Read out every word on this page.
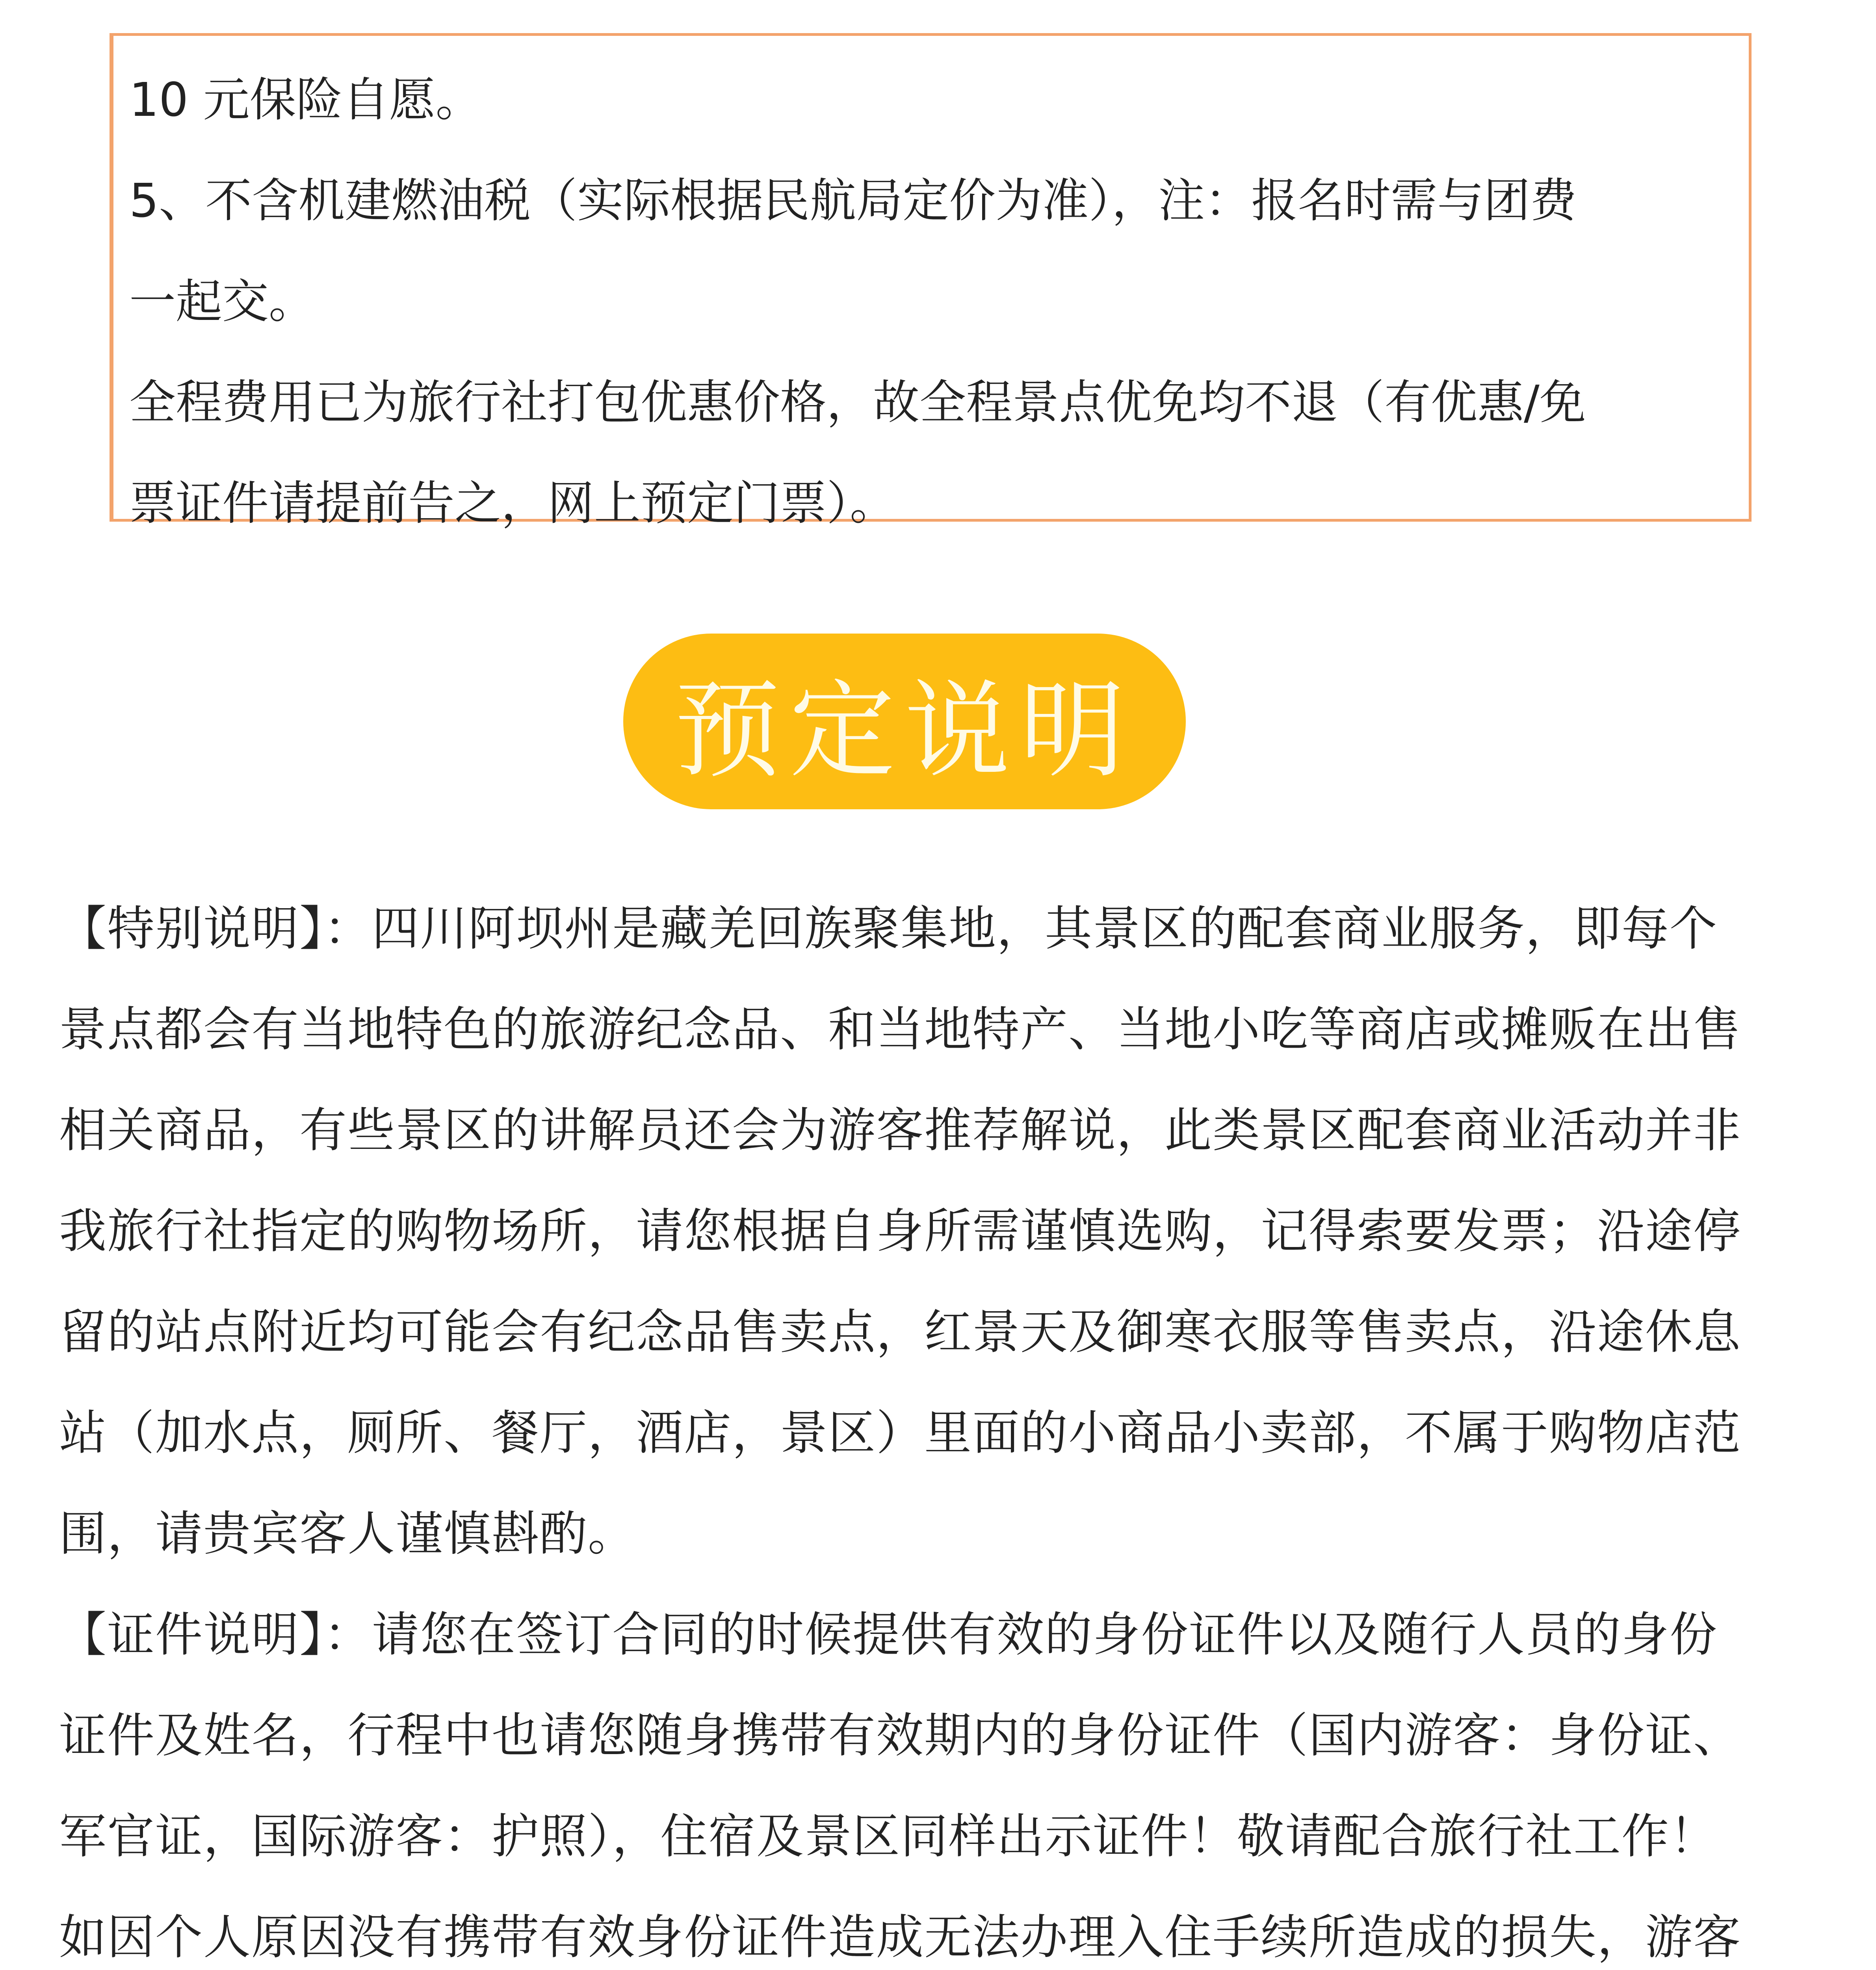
10 元保险自愿。

5、不含机建燃油税（实际根据民航局定价为准），注：报名时需与团费

一起交。

全程费用已为旅行社打包优惠价格，故全程景点优免均不退（有优惠/免

票证件请提前告之，网上预定门票）。

预定说明

【特别说明】：四川阿坝州是藏羌回族聚集地，其景区的配套商业服务，即每个
景点都会有当地特色的旅游纪念品、和当地特产、当地小吃等商店或摊贩在出售
相关商品，有些景区的讲解员还会为游客推荐解说，此类景区配套商业活动并非
我旅行社指定的购物场所，请您根据自身所需谨慎选购，记得索要发票；沿途停
留的站点附近均可能会有纪念品售卖点，红景天及御寒衣服等售卖点，沿途休息
站（加水点，厕所、餐厅，酒店，景区）里面的小商品小卖部，不属于购物店范
围，请贵宾客人谨慎斟酌。

【证件说明】：请您在签订合同的时候提供有效的身份证件以及随行人员的身份
证件及姓名，行程中也请您随身携带有效期内的身份证件（国内游客：身份证、
军官证，国际游客：护照），住宿及景区同样出示证件！敬请配合旅行社工作！
如因个人原因没有携带有效身份证件造成无法办理入住手续所造成的损失，游客
